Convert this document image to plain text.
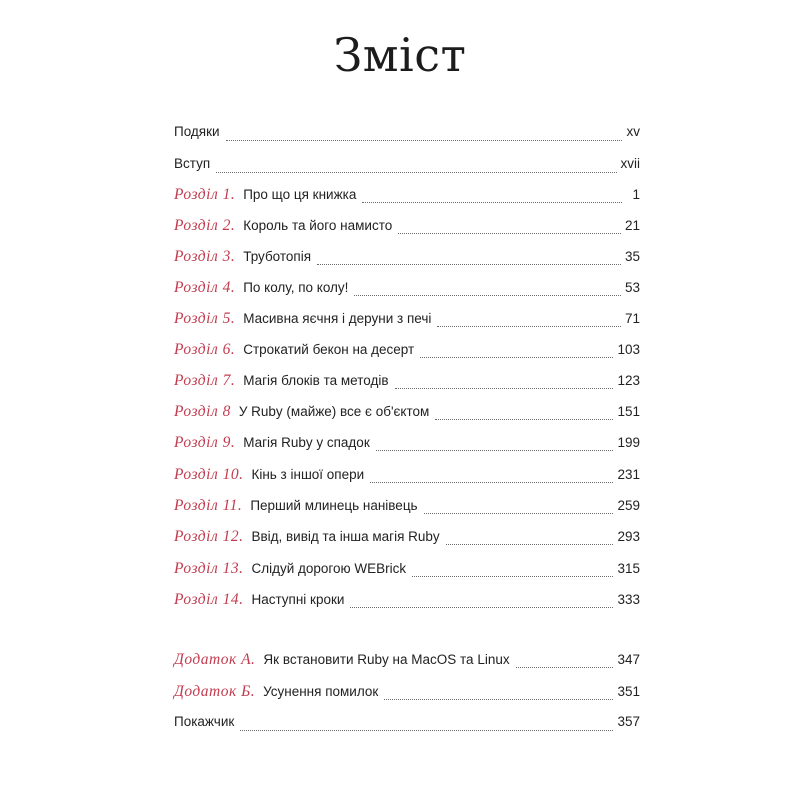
Зміст
Подяки	xv
Вступ	xvii
Розділ 1. Про що ця книжка	1
Розділ 2. Король та його намисто	21
Розділ 3. Труботопія	35
Розділ 4. По колу, по колу!	53
Розділ 5. Масивна яєчня і деруни з печі	71
Розділ 6. Строкатий бекон на десерт	103
Розділ 7. Магія блоків та методів	123
Розділ 8 У Ruby (майже) все є об'єктом	151
Розділ 9. Магія Ruby у спадок	199
Розділ 10. Кінь з іншої опери	231
Розділ 11. Перший млинець нанівець	259
Розділ 12. Ввід, вивід та інша магія Ruby	293
Розділ 13. Слідуй дорогою WEBrick	315
Розділ 14. Наступні кроки	333
Додаток А. Як встановити Ruby на MacOS та Linux	347
Додаток Б. Усунення помилок	351
Покажчик	357
